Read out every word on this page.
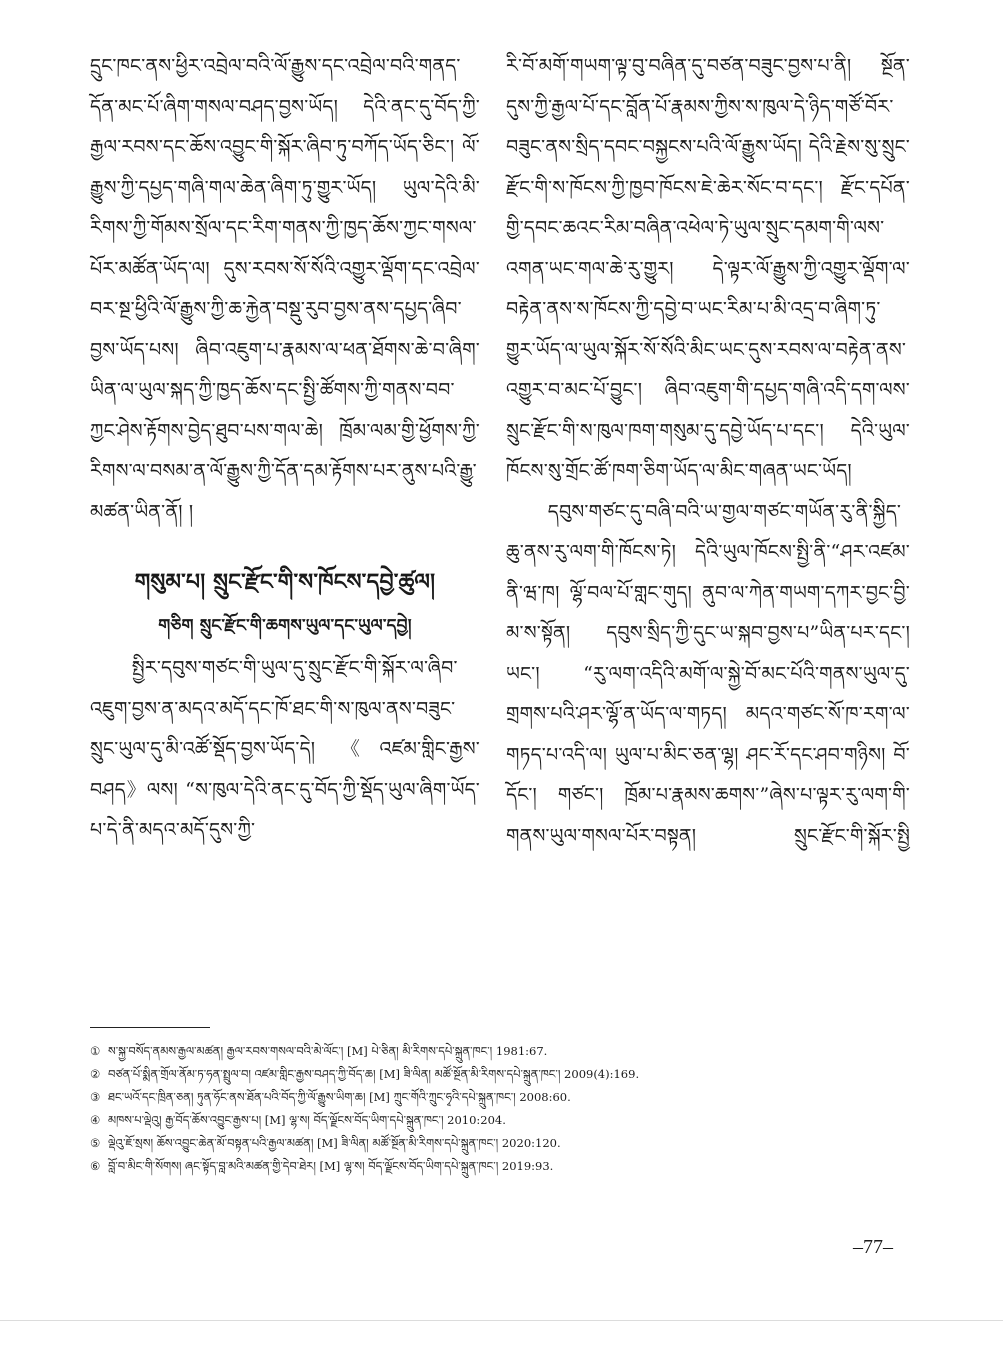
དྲུང་ཁང་ནས་ཕྱིར་འབྲེལ་བའི་ལོ་རྒྱུས་དང་འབྲེལ་བའི་གནད་དོན་མང་པོ་ཞིག་གསལ་བཤད་བྱས་ཡོད། དེའི་ནང་དུ་བོད་ཀྱི་རྒྱལ་རབས་དང་ཆོས་འབྱུང་གི་སྐོར་ཞིབ་ཏུ་བཀོད་ཡོད་ཅིང་། ལོ་རྒྱུས་ཀྱི་དཔྱད་གཞི་གལ་ཆེན་ཞིག་ཏུ་གྱུར་ཡོད། ཡུལ་དེའི་མི་རིགས་ཀྱི་གོམས་སྲོལ་དང་རིག་གནས་ཀྱི་ཁྱད་ཆོས་ཀྱང་གསལ་པོར་མཚོན་ཡོད་ལ། དུས་རབས་སོ་སོའི་འགྱུར་ལྡོག་དང་འབྲེལ་བར་སྔ་ཕྱིའི་ལོ་རྒྱུས་ཀྱི་ཆ་རྐྱེན་བསྡུ་རུབ་བྱས་ནས་དཔྱད་ཞིབ་བྱས་ཡོད་པས། ཞིབ་འཇུག་པ་རྣམས་ལ་ཕན་ཐོགས་ཆེ་བ་ཞིག་ཡིན་ལ་ཡུལ་སྐད་ཀྱི་ཁྱད་ཆོས་དང་སྤྱི་ཚོགས་ཀྱི་གནས་བབ་ཀྱང་ཤེས་རྟོགས་བྱེད་ཐུབ་པས་གལ་ཆེ། ཁྲོམ་ལམ་གྱི་ཕྱོགས་ཀྱི་རིགས་ལ་བསམ་ན་ལོ་རྒྱུས་ཀྱི་དོན་དམ་རྟོགས་པར་ནུས་པའི་རྒྱུ་མཚན་ཡིན་ནོ། །

གསུམ་པ། སྲུང་རྫོང་གི་ས་ཁོངས་དབྱེ་ཚུལ།
གཅིག སྲུང་རྫོང་གི་ཆགས་ཡུལ་དང་ཡུལ་དབྱེ།

སྤྱིར་དབུས་གཙང་གི་ཡུལ་དུ་སྲུང་རྫོང་གི་སྐོར་ལ་ཞིབ་འཇུག་བྱས་ན་མདའ་མདོ་དང་ཁོ་ཐང་གི་ས་ཁུལ་ནས་བཟུང་སྲུང་ཡུལ་དུ་མི་འཚོ་སྡོད་བྱས་ཡོད་དེ། 《འཛམ་གླིང་རྒྱས་བཤད》ལས། “ས་ཁུལ་དེའི་ནང་དུ་བོད་ཀྱི་སྡོད་ཡུལ་ཞིག་ཡོད་པ་དེ་ནི་མདའ་མདོ་དུས་ཀྱི་

རི་བོ་མགོ་གཡག་ལྟ་བུ་བཞིན་དུ་བཙན་བཟུང་བྱས་པ་ནི། སྔོན་དུས་ཀྱི་རྒྱལ་པོ་དང་བློན་པོ་རྣམས་ཀྱིས་ས་ཁུལ་དེ་ཉིད་གཙོ་བོར་བཟུང་ནས་སྲིད་དབང་བསྐྱངས་པའི་ལོ་རྒྱུས་ཡོད། དེའི་རྗེས་སུ་སྲུང་རྫོང་གི་ས་ཁོངས་ཀྱི་ཁྱབ་ཁོངས་ཇེ་ཆེར་སོང་བ་དང་། རྫོང་དཔོན་གྱི་དབང་ཆའང་རིམ་བཞིན་འཕེལ་ཏེ་ཡུལ་སྲུང་དམག་གི་ལས་འགན་ཡང་གལ་ཆེ་རུ་གྱུར། དེ་ལྟར་ལོ་རྒྱུས་ཀྱི་འགྱུར་ལྡོག་ལ་བརྟེན་ནས་ས་ཁོངས་ཀྱི་དབྱེ་བ་ཡང་རིམ་པ་མི་འདྲ་བ་ཞིག་ཏུ་གྱུར་ཡོད་ལ་ཡུལ་སྐོར་སོ་སོའི་མིང་ཡང་དུས་རབས་ལ་བརྟེན་ནས་འགྱུར་བ་མང་པོ་བྱུང་། ཞིབ་འཇུག་གི་དཔྱད་གཞི་འདི་དག་ལས་སྲུང་རྫོང་གི་ས་ཁུལ་ཁག་གསུམ་དུ་དབྱེ་ཡོད་པ་དང་། དེའི་ཡུལ་ཁོངས་སུ་གྲོང་ཚོ་ཁག་ཅིག་ཡོད་ལ་མིང་གཞན་ཡང་ཡོད།

དབུས་གཙང་དུ་བཞི་བའི་ཡ་གྱལ་གཙང་གཡོན་རུ་ནི་སྐྱིད་ཆུ་ནས་རུ་ལག་གི་ཁོངས་ཏེ། དེའི་ཡུལ་ཁོངས་སྤྱི་ནི་“ཤར་འཛམ་ནི་ཝ་ཁ། ལྷོ་བལ་པོ་གླང་གུད། ནུབ་ལ་ཀེན་གཡག་དཀར་བྱང་བྱི་མ་ས་སྟོན། དབུས་སྲིད་ཀྱི་དུང་ཡ་སྐབ་བྱས་པ”ཡིན་པར་དང་། ཡང་། “རུ་ལག་འདིའི་མགོ་ལ་སྐྱེ་བོ་མང་པོའི་གནས་ཡུལ་དུ་གྲགས་པའི་ཤར་ལྷོ་ན་ཡོད་ལ་གཏད། མདའ་གཙང་སོ་ཁ་རག་ལ་གཏད་པ་འདི་ལ། ཡུལ་པ་མིང་ཅན་ལྷ། ཤང་རོ་དང་ཤབ་གཉིས། བོ་དོང་། གཙང་། ཁྲོམ་པ་རྣམས་ཆགས་”ཞེས་པ་ལྟར་རུ་ལག་གི་གནས་ཡུལ་གསལ་པོར་བསྟན། སྲུང་རྫོང་གི་སྐོར་སྤྱི

① ས་སྐྱ་བསོད་ནམས་རྒྱལ་མཚན། རྒྱལ་རབས་གསལ་བའི་མེ་ལོང་། [M] པེ་ཅིན། མི་རིགས་དཔེ་སྐྲུན་ཁང་། 1981:67.
② བཙན་པོ་སྨིན་གྲོལ་ནོམ་ཏ་ཧན་སྤྲུལ་བ། འཛམ་གླིང་རྒྱས་བཤད་ཀྱི་བོད་ཆ། [M] ཟི་ལིན། མཚོ་སྔོན་མི་རིགས་དཔེ་སྐྲུན་ཁང་། 2009(4):169.
③ ཐང་ཡའོ་དང་ཁྲིན་ཅན། ཏུན་ཧོང་ནས་ཐོན་པའི་བོད་ཀྱི་ལོ་རྒྱུས་ཡིག་ཆ། [M] ཀྲུང་གོའི་ཀྲུང་ཧྭའི་དཔེ་སྐྲུན་ཁང་། 2008:60.
④ མཁས་པ་ལྡེའུ། རྒྱ་བོད་ཆོས་འབྱུང་རྒྱས་པ། [M] ལྷ་ས། བོད་ལྗོངས་བོད་ཡིག་དཔེ་སྐྲུན་ཁང་། 2010:204.
⑤ ལྡེའུ་ཇོ་སྲས། ཆོས་འབྱུང་ཆེན་མོ་བསྟན་པའི་རྒྱལ་མཚན། [M] ཟི་ལིན། མཚོ་སྔོན་མི་རིགས་དཔེ་སྐྲུན་ཁང་། 2020:120.
⑥ བློ་བ་མིང་གི་སོགས། ཞང་སྟོད་བླ་མའི་མཚན་གྱི་དེབ་ཐེར། [M] ལྷ་ས། བོད་ལྗོངས་བོད་ཡིག་དཔེ་སྐྲུན་ཁང་། 2019:93.
–77–
